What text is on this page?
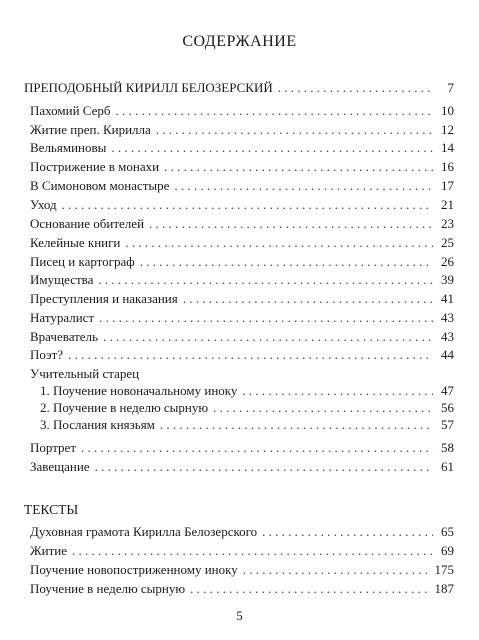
СОДЕРЖАНИЕ
ПРЕПОДОБНЫЙ КИРИЛЛ БЕЛОЗЕРСКИЙ . . .	7
Пахомий Серб . . .	10
Житие преп. Кирилла . . .	12
Вельяминовы . . .	14
Пострижение в монахи . . .	16
В Симоновом монастыре . . .	17
Уход . . .	21
Основание обителей . . .	23
Келейные книги . . .	25
Писец и картограф . . .	26
Имущества . . .	39
Преступления и наказания . . .	41
Натуралист . . .	43
Врачеватель . . .	43
Поэт? . . .	44
Учительный старец
1. Поучение новоначальному иноку . . .	47
2. Поучение в неделю сырную . . .	56
3. Послания князьям . . .	57
Портрет . . .	58
Завещание . . .	61
ТЕКСТЫ
Духовная грамота Кирилла Белозерского . . .	65
Житие . . .	69
Поучение новопостриженному иноку . . .	175
Поучение в неделю сырную . . .	187
5
